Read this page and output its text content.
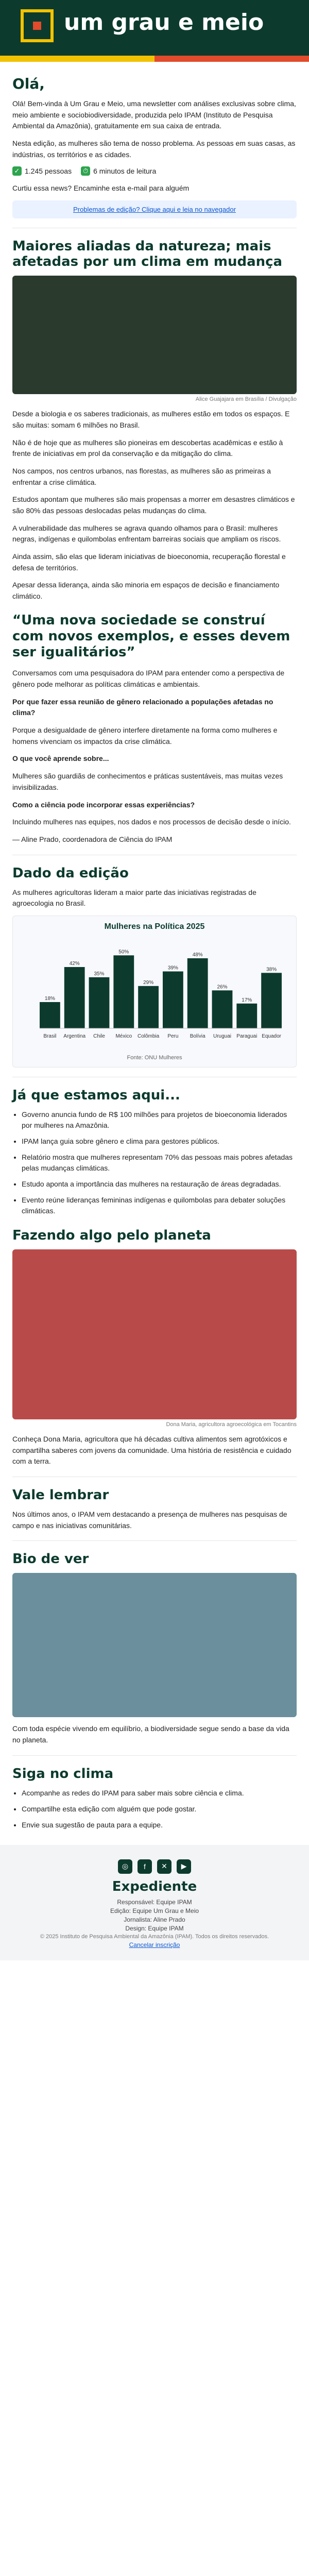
um grau e meio
Olá,

Olá! Bem-vinda à Um Grau e Meio, uma newsletter com análises exclusivas sobre clima, meio ambiente e sociobiodiversidade, produzida pelo IPAM (Instituto de Pesquisa Ambiental da Amazônia), gratuitamente em sua caixa de entrada.

Nesta edição, as mulheres são tema de nosso problema. As pessoas em suas casas, as indústrias, os territórios e as cidades.

✓ 1.245 pessoas	⏱ 6 minutos de leitura

Curtiu essa news? Encaminhe esta e-mail para alguém

Problemas de edição? Clique aqui e leia no navegador
Maiores aliadas da natureza; mais afetadas por um clima em mudança
Alice Guajajara em Brasília / Divulgação

Desde a biologia e os saberes tradicionais, as mulheres estão em todos os espaços. E são muitas: somam 6 milhões no Brasil.

Não é de hoje que as mulheres são pioneiras em descobertas acadêmicas e estão à frente de iniciativas em prol da conservação e da mitigação do clima.

Nos campos, nos centros urbanos, nas florestas, as mulheres são as primeiras a enfrentar a crise climática.

Estudos apontam que mulheres são mais propensas a morrer em desastres climáticos e são 80% das pessoas deslocadas pelas mudanças do clima.

A vulnerabilidade das mulheres se agrava quando olhamos para o Brasil: mulheres negras, indígenas e quilombolas enfrentam barreiras sociais que ampliam os riscos.

Ainda assim, são elas que lideram iniciativas de bioeconomia, recuperação florestal e defesa de territórios.

Apesar dessa liderança, ainda são minoria em espaços de decisão e financiamento climático.

“Uma nova sociedade se construí com novos exemplos, e esses devem ser igualitários”

Conversamos com uma pesquisadora do IPAM para entender como a perspectiva de gênero pode melhorar as políticas climáticas e ambientais.

Por que fazer essa reunião de gênero relacionado a populações afetadas no clima?

Porque a desigualdade de gênero interfere diretamente na forma como mulheres e homens vivenciam os impactos da crise climática.

O que você aprende sobre...

Mulheres são guardiãs de conhecimentos e práticas sustentáveis, mas muitas vezes invisibilizadas.

Como a ciência pode incorporar essas experiências?

Incluindo mulheres nas equipes, nos dados e nos processos de decisão desde o início.

— Aline Prado, coordenadora de Ciência do IPAM

Dado da edição

As mulheres agricultoras lideram a maior parte das iniciativas registradas de agroecologia no Brasil.

Mulheres na Política 2025
18%
Brasil
42%
Argentina
35%
Chile
50%
México
29%
Colômbia
39%
Peru
48%
Bolívia
26%
Uruguai
17%
Paraguai
38%
Equador
Fonte: ONU Mulheres
Já que estamos aqui...
• Governo anuncia fundo de R$ 100 milhões para projetos de bioeconomia liderados por mulheres na Amazônia.
• IPAM lança guia sobre gênero e clima para gestores públicos.
• Relatório mostra que mulheres representam 70% das pessoas mais pobres afetadas pelas mudanças climáticas.
• Estudo aponta a importância das mulheres na restauração de áreas degradadas.
• Evento reúne lideranças femininas indígenas e quilombolas para debater soluções climáticas.
Fazendo algo pelo planeta
Dona Maria, agricultora agroecológica em Tocantins

Conheça Dona Maria, agricultora que há décadas cultiva alimentos sem agrotóxicos e compartilha saberes com jovens da comunidade. Uma história de resistência e cuidado com a terra.

Vale lembrar

Nos últimos anos, o IPAM vem destacando a presença de mulheres nas pesquisas de campo e nas iniciativas comunitárias.

Bio de ver

Com toda espécie vivendo em equilíbrio, a biodiversidade segue sendo a base da vida no planeta.

Siga no clima
• Acompanhe as redes do IPAM para saber mais sobre ciência e clima.
• Compartilhe esta edição com alguém que pode gostar.
• Envie sua sugestão de pauta para a equipe.
◎	f	✕	▶
Expediente
Responsável: Equipe IPAM
Edição: Equipe Um Grau e Meio
Jornalista: Aline Prado
Design: Equipe IPAM
© 2025 Instituto de Pesquisa Ambiental da Amazônia (IPAM). Todos os direitos reservados.
Cancelar inscrição
